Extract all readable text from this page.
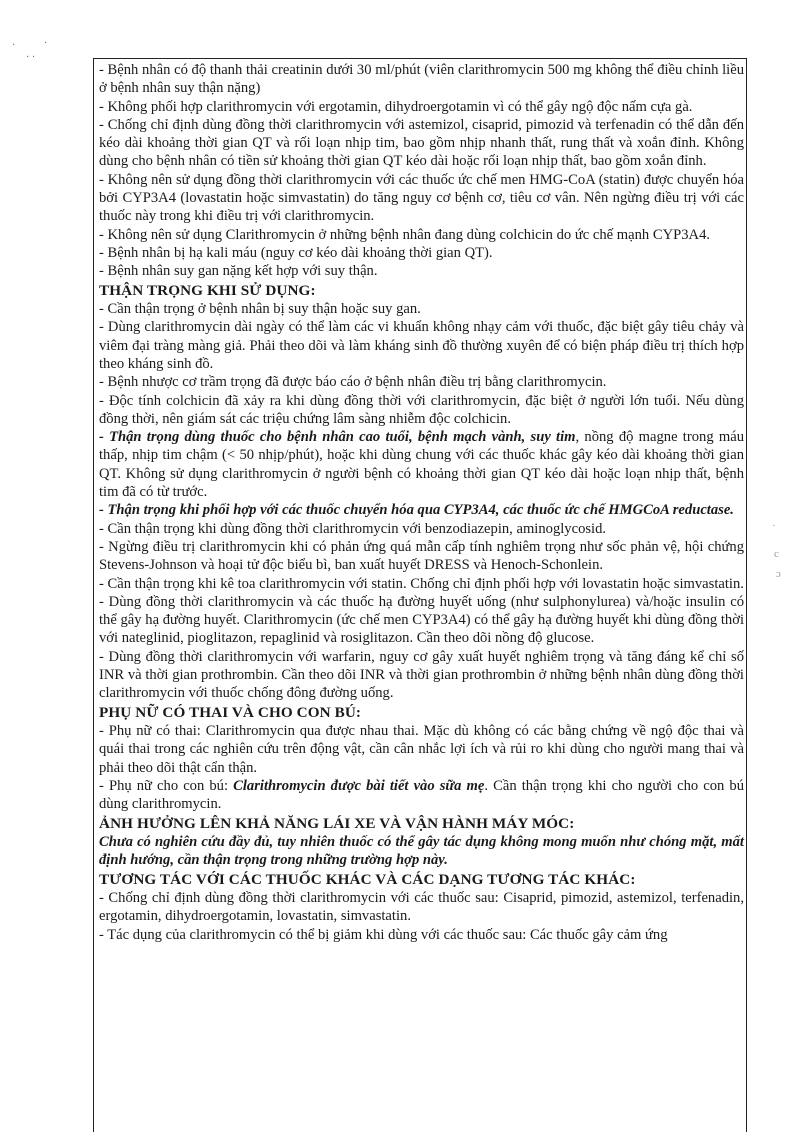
·	·
· ·
·
c
ɔ

- Bệnh nhân có độ thanh thải creatinin dưới 30 ml/phút (viên clarithromycin 500 mg không thể điều chỉnh liều ở bệnh nhân suy thận nặng)

- Không phối hợp clarithromycin với ergotamin, dihydroergotamin vì có thể gây ngộ độc nấm cựa gà.

- Chống chỉ định dùng đồng thời clarithromycin với astemizol, cisaprid, pimozid và terfenadin có thể dẫn đến kéo dài khoảng thời gian QT và rối loạn nhịp tim, bao gồm nhịp nhanh thất, rung thất và xoắn đỉnh. Không dùng cho bệnh nhân có tiền sử khoảng thời gian QT kéo dài hoặc rối loạn nhịp thất, bao gồm xoắn đỉnh.

- Không nên sử dụng đồng thời clarithromycin với các thuốc ức chế men HMG-CoA (statin) được chuyển hóa bởi CYP3A4 (lovastatin hoặc simvastatin) do tăng nguy cơ bệnh cơ, tiêu cơ vân. Nên ngừng điều trị với các thuốc này trong khi điều trị với clarithromycin.

- Không nên sử dụng Clarithromycin ở những bệnh nhân đang dùng colchicin do ức chế mạnh CYP3A4.

- Bệnh nhân bị hạ kali máu (nguy cơ kéo dài khoảng thời gian QT).

- Bệnh nhân suy gan nặng kết hợp với suy thận.

THẬN TRỌNG KHI SỬ DỤNG:

- Cần thận trọng ở bệnh nhân bị suy thận hoặc suy gan.

- Dùng clarithromycin dài ngày có thể làm các vi khuẩn không nhạy cảm với thuốc, đặc biệt gây tiêu chảy và viêm đại tràng màng giả. Phải theo dõi và làm kháng sinh đồ thường xuyên để có biện pháp điều trị thích hợp theo kháng sinh đồ.

- Bệnh nhược cơ trầm trọng đã được báo cáo ở bệnh nhân điều trị bằng clarithromycin.

- Độc tính colchicin đã xảy ra khi dùng đồng thời với clarithromycin, đặc biệt ở người lớn tuổi. Nếu dùng đồng thời, nên giám sát các triệu chứng lâm sàng nhiễm độc colchicin.

- Thận trọng dùng thuốc cho bệnh nhân cao tuổi, bệnh mạch vành, suy tim, nồng độ magne trong máu thấp, nhịp tim chậm (< 50 nhịp/phút), hoặc khi dùng chung với các thuốc khác gây kéo dài khoảng thời gian QT. Không sử dụng clarithromycin ở người bệnh có khoảng thời gian QT kéo dài hoặc loạn nhịp thất, bệnh tim đã có từ trước.

- Thận trọng khi phối hợp với các thuốc chuyển hóa qua CYP3A4, các thuốc ức chế HMGCoA reductase.

- Cần thận trọng khi dùng đồng thời clarithromycin với benzodiazepin, aminoglycosid.

- Ngừng điều trị clarithromycin khi có phản ứng quá mẫn cấp tính nghiêm trọng như sốc phản vệ, hội chứng Stevens-Johnson và hoại tử độc biểu bì, ban xuất huyết DRESS và Henoch-Schonlein.

- Cần thận trọng khi kê toa clarithromycin với statin. Chống chỉ định phối hợp với lovastatin hoặc simvastatin.

- Dùng đồng thời clarithromycin và các thuốc hạ đường huyết uống (như sulphonylurea) và/hoặc insulin có thể gây hạ đường huyết. Clarithromycin (ức chế men CYP3A4) có thể gây hạ đường huyết khi dùng đồng thời với nateglinid, pioglitazon, repaglinid và rosiglitazon. Cần theo dõi nồng độ glucose.

- Dùng đồng thời clarithromycin với warfarin, nguy cơ gây xuất huyết nghiêm trọng và tăng đáng kể chỉ số INR và thời gian prothrombin. Cần theo dõi INR và thời gian prothrombin ở những bệnh nhân dùng đồng thời clarithromycin với thuốc chống đông đường uống.

PHỤ NỮ CÓ THAI VÀ CHO CON BÚ:

- Phụ nữ có thai: Clarithromycin qua được nhau thai. Mặc dù không có các bằng chứng về ngộ độc thai và quái thai trong các nghiên cứu trên động vật, cần cân nhắc lợi ích và rủi ro khi dùng cho người mang thai và phải theo dõi thật cẩn thận.

- Phụ nữ cho con bú: Clarithromycin được bài tiết vào sữa mẹ. Cần thận trọng khi cho người cho con bú dùng clarithromycin.

ẢNH HƯỞNG LÊN KHẢ NĂNG LÁI XE VÀ VẬN HÀNH MÁY MÓC:

Chưa có nghiên cứu đầy đủ, tuy nhiên thuốc có thể gây tác dụng không mong muốn như chóng mặt, mất định hướng, cần thận trọng trong những trường hợp này.

TƯƠNG TÁC VỚI CÁC THUỐC KHÁC VÀ CÁC DẠNG TƯƠNG TÁC KHÁC:

- Chống chỉ định dùng đồng thời clarithromycin với các thuốc sau: Cisaprid, pimozid, astemizol, terfenadin, ergotamin, dihydroergotamin, lovastatin, simvastatin.

- Tác dụng của clarithromycin có thể bị giảm khi dùng với các thuốc sau: Các thuốc gây cảm ứng
